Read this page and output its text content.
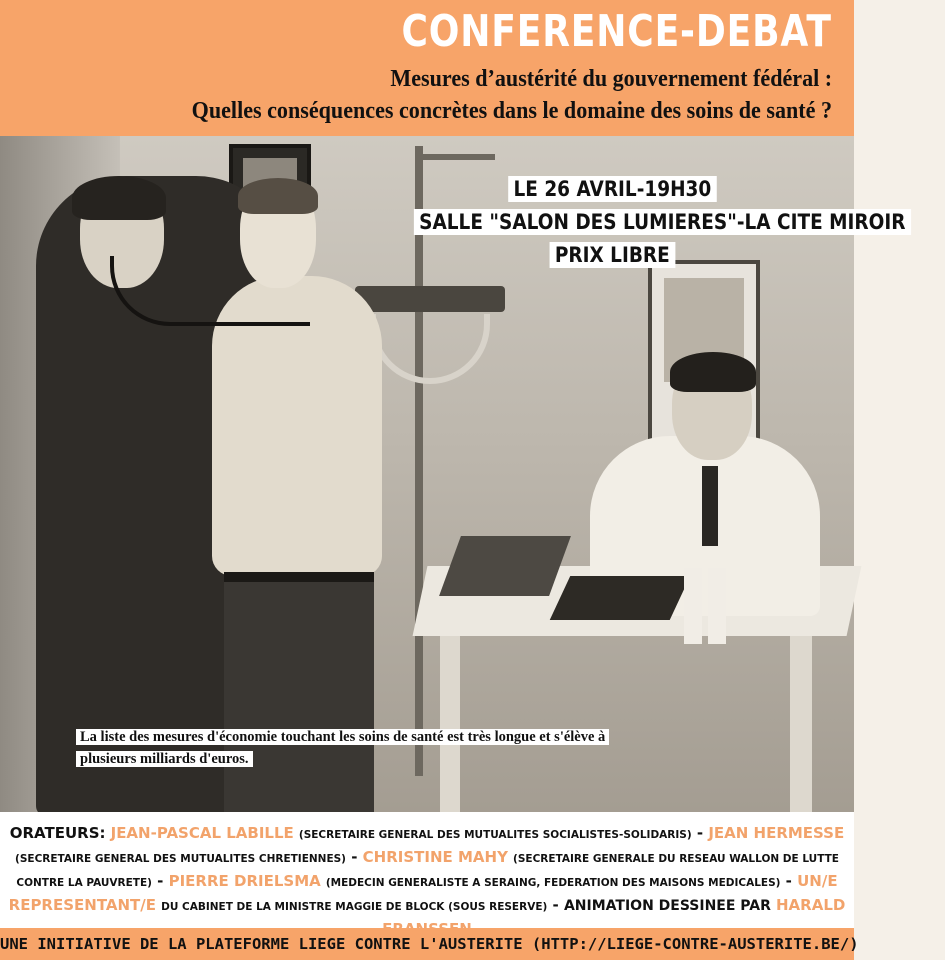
CONFERENCE-DEBAT
Mesures d’austérité du gouvernement fédéral :
Quelles conséquences concrètes dans le domaine des soins de santé ?
LE 26 AVRIL-19H30
SALLE "SALON DES LUMIERES"-LA CITE MIROIR
PRIX LIBRE
La liste des mesures d'économie touchant les soins de santé est très longue et s'élève à plusieurs milliards d'euros.
ORATEURS: JEAN-PASCAL LABILLE (SECRETAIRE GENERAL DES MUTUALITES SOCIALISTES-SOLIDARIS) - JEAN HERMESSE (SECRETAIRE GENERAL DES MUTUALITES CHRETIENNES) - CHRISTINE MAHY (SECRETAIRE GENERALE DU RESEAU WALLON DE LUTTE CONTRE LA PAUVRETE) - PIERRE DRIELSMA (MEDECIN GENERALISTE A SERAING, FEDERATION DES MAISONS MEDICALES) - UN/E REPRESENTANT/E DU CABINET DE LA MINISTRE MAGGIE DE BLOCK (SOUS RESERVE) - ANIMATION DESSINEE PAR HARALD
UNE INITIATIVE DE LA PLATEFORME LIEGE CONTRE L'AUSTERITE (HTTP://LIEGE-CONTRE-AUSTERITE.BE/)
